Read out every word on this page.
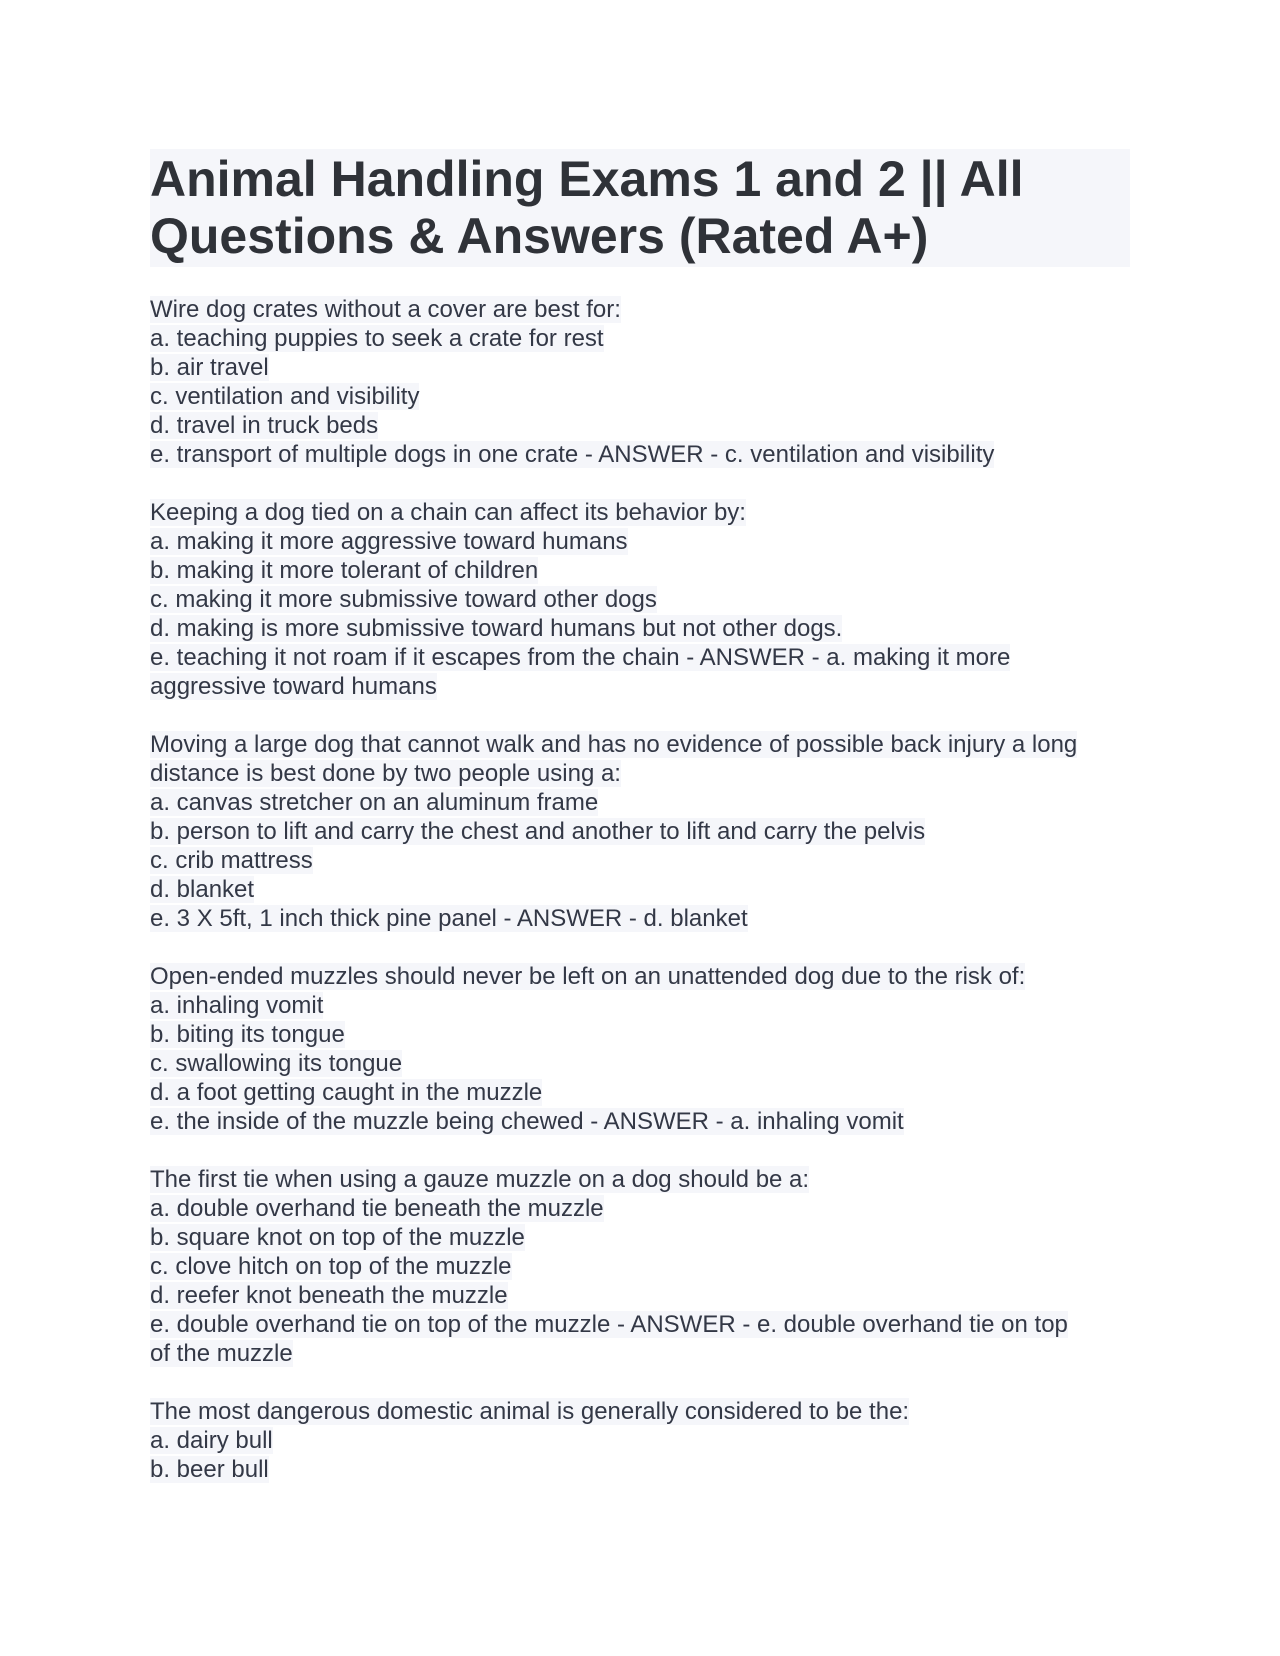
Animal Handling Exams 1 and 2 || All Questions & Answers (Rated A+)
Wire dog crates without a cover are best for:
a. teaching puppies to seek a crate for rest
b. air travel
c. ventilation and visibility
d. travel in truck beds
e. transport of multiple dogs in one crate - ANSWER - c. ventilation and visibility
Keeping a dog tied on a chain can affect its behavior by:
a. making it more aggressive toward humans
b. making it more tolerant of children
c. making it more submissive toward other dogs
d. making is more submissive toward humans but not other dogs.
e. teaching it not roam if it escapes from the chain - ANSWER - a. making it more
aggressive toward humans
Moving a large dog that cannot walk and has no evidence of possible back injury a long
distance is best done by two people using a:
a. canvas stretcher on an aluminum frame
b. person to lift and carry the chest and another to lift and carry the pelvis
c. crib mattress
d. blanket
e. 3 X 5ft, 1 inch thick pine panel - ANSWER - d. blanket
Open-ended muzzles should never be left on an unattended dog due to the risk of:
a. inhaling vomit
b. biting its tongue
c. swallowing its tongue
d. a foot getting caught in the muzzle
e. the inside of the muzzle being chewed - ANSWER - a. inhaling vomit
The first tie when using a gauze muzzle on a dog should be a:
a. double overhand tie beneath the muzzle
b. square knot on top of the muzzle
c. clove hitch on top of the muzzle
d. reefer knot beneath the muzzle
e. double overhand tie on top of the muzzle - ANSWER - e. double overhand tie on top
of the muzzle
The most dangerous domestic animal is generally considered to be the:
a. dairy bull
b. beer bull
